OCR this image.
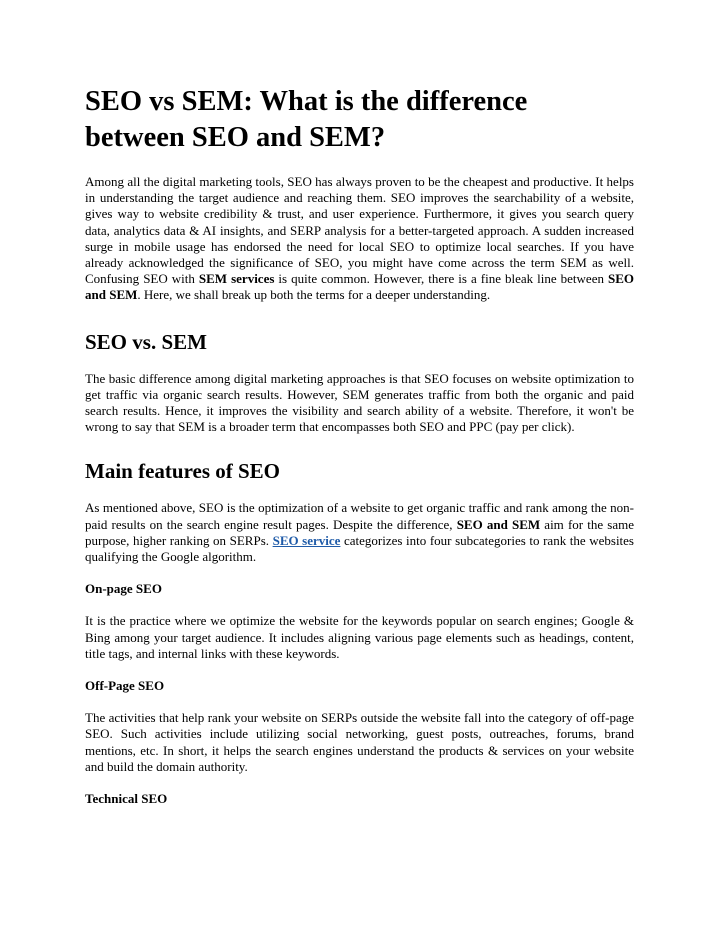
SEO vs SEM: What is the difference between SEO and SEM?

Among all the digital marketing tools, SEO has always proven to be the cheapest and productive. It helps in understanding the target audience and reaching them. SEO improves the searchability of a website, gives way to website credibility & trust, and user experience. Furthermore, it gives you search query data, analytics data & AI insights, and SERP analysis for a better-targeted approach. A sudden increased surge in mobile usage has endorsed the need for local SEO to optimize local searches. If you have already acknowledged the significance of SEO, you might have come across the term SEM as well. Confusing SEO with SEM services is quite common. However, there is a fine bleak line between SEO and SEM. Here, we shall break up both the terms for a deeper understanding.

SEO vs. SEM

The basic difference among digital marketing approaches is that SEO focuses on website optimization to get traffic via organic search results. However, SEM generates traffic from both the organic and paid search results. Hence, it improves the visibility and search ability of a website. Therefore, it won't be wrong to say that SEM is a broader term that encompasses both SEO and PPC (pay per click).

Main features of SEO

As mentioned above, SEO is the optimization of a website to get organic traffic and rank among the non-paid results on the search engine result pages. Despite the difference, SEO and SEM aim for the same purpose, higher ranking on SERPs. SEO service categorizes into four subcategories to rank the websites qualifying the Google algorithm.

On-page SEO

It is the practice where we optimize the website for the keywords popular on search engines; Google & Bing among your target audience. It includes aligning various page elements such as headings, content, title tags, and internal links with these keywords.

Off-Page SEO

The activities that help rank your website on SERPs outside the website fall into the category of off-page SEO. Such activities include utilizing social networking, guest posts, outreaches, forums, brand mentions, etc. In short, it helps the search engines understand the products & services on your website and build the domain authority.

Technical SEO
